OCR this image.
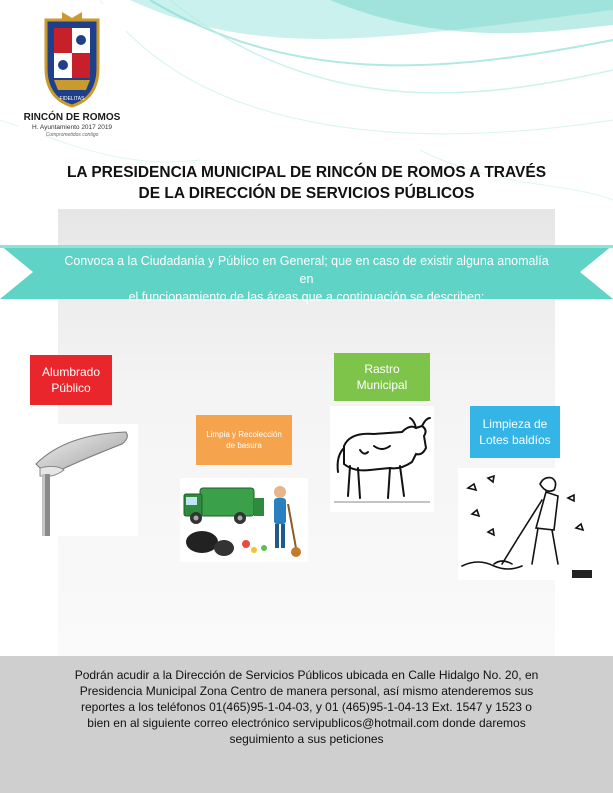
FIDELITAS
RINCÓN DE ROMOS
H. Ayuntamiento 2017 2019
Comprometidos contigo
LA PRESIDENCIA MUNICIPAL DE RINCÓN DE ROMOS A TRAVÉS
DE LA DIRECCIÓN DE SERVICIOS PÚBLICOS
Convoca a la Ciudadanía y Público en General; que en caso de existir alguna anomalía en
el funcionamiento de las áreas que a continuación se describen:
Alumbrado
Público
Limpia y Recolección
de basura
Rastro
Municipal
Limpieza de
Lotes baldíos
Podrán acudir a la Dirección de Servicios Públicos ubicada en Calle Hidalgo No. 20, en
Presidencia Municipal Zona Centro de manera personal, así mismo atenderemos sus
reportes a los teléfonos 01(465)95-1-04-03, y 01 (465)95-1-04-13 Ext. 1547 y 1523 o
bien en al siguiente correo electrónico servipublicos@hotmail.com donde daremos
seguimiento a sus peticiones
